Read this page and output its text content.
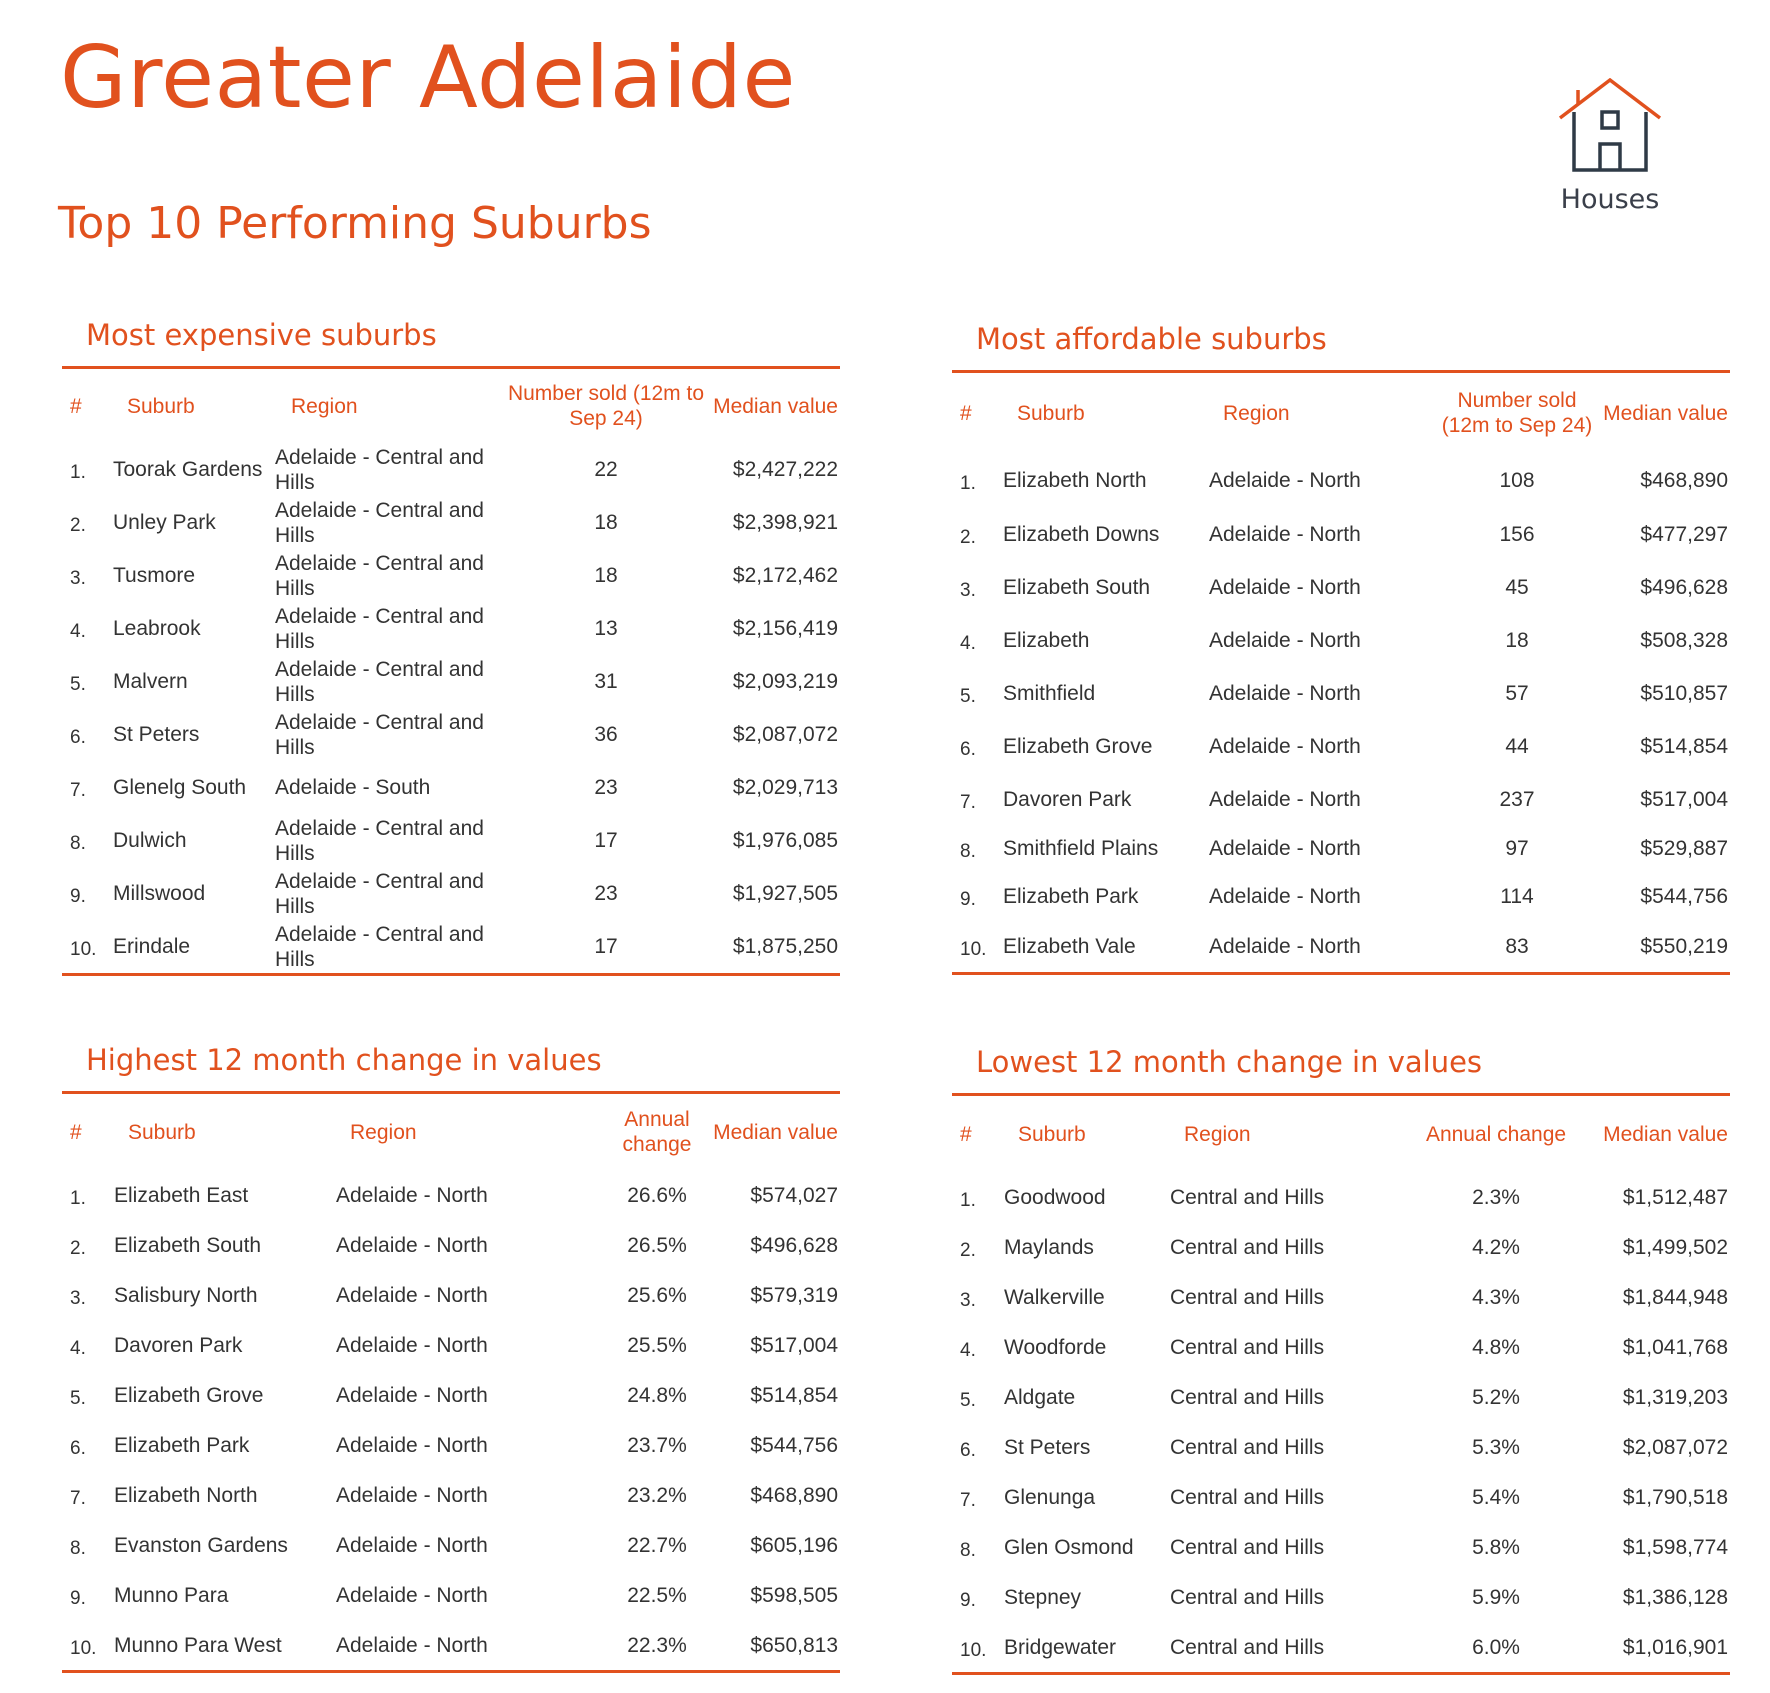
Greater Adelaide
Top 10 Performing Suburbs	Houses
Most expensive suburbs
#	Suburb	Region	Number sold (12m to Sep 24)	Median value
1.	Toorak Gardens	Adelaide - Central and Hills	22	$2,427,222
2.	Unley Park	Adelaide - Central and Hills	18	$2,398,921
3.	Tusmore	Adelaide - Central and Hills	18	$2,172,462
4.	Leabrook	Adelaide - Central and Hills	13	$2,156,419
5.	Malvern	Adelaide - Central and Hills	31	$2,093,219
6.	St Peters	Adelaide - Central and Hills	36	$2,087,072
7.	Glenelg South	Adelaide - South	23	$2,029,713
8.	Dulwich	Adelaide - Central and Hills	17	$1,976,085
9.	Millswood	Adelaide - Central and Hills	23	$1,927,505
10.	Erindale	Adelaide - Central and Hills	17	$1,875,250
Most affordable suburbs
#	Suburb	Region	Number sold (12m to Sep 24)	Median value
1.	Elizabeth North	Adelaide - North	108	$468,890
2.	Elizabeth Downs	Adelaide - North	156	$477,297
3.	Elizabeth South	Adelaide - North	45	$496,628
4.	Elizabeth	Adelaide - North	18	$508,328
5.	Smithfield	Adelaide - North	57	$510,857
6.	Elizabeth Grove	Adelaide - North	44	$514,854
7.	Davoren Park	Adelaide - North	237	$517,004
8.	Smithfield Plains	Adelaide - North	97	$529,887
9.	Elizabeth Park	Adelaide - North	114	$544,756
10.	Elizabeth Vale	Adelaide - North	83	$550,219
Highest 12 month change in values
#	Suburb	Region	Annual change	Median value
1.	Elizabeth East	Adelaide - North	26.6%	$574,027
2.	Elizabeth South	Adelaide - North	26.5%	$496,628
3.	Salisbury North	Adelaide - North	25.6%	$579,319
4.	Davoren Park	Adelaide - North	25.5%	$517,004
5.	Elizabeth Grove	Adelaide - North	24.8%	$514,854
6.	Elizabeth Park	Adelaide - North	23.7%	$544,756
7.	Elizabeth North	Adelaide - North	23.2%	$468,890
8.	Evanston Gardens	Adelaide - North	22.7%	$605,196
9.	Munno Para	Adelaide - North	22.5%	$598,505
10.	Munno Para West	Adelaide - North	22.3%	$650,813
Lowest 12 month change in values
#	Suburb	Region	Annual change	Median value
1.	Goodwood	Central and Hills	2.3%	$1,512,487
2.	Maylands	Central and Hills	4.2%	$1,499,502
3.	Walkerville	Central and Hills	4.3%	$1,844,948
4.	Woodforde	Central and Hills	4.8%	$1,041,768
5.	Aldgate	Central and Hills	5.2%	$1,319,203
6.	St Peters	Central and Hills	5.3%	$2,087,072
7.	Glenunga	Central and Hills	5.4%	$1,790,518
8.	Glen Osmond	Central and Hills	5.8%	$1,598,774
9.	Stepney	Central and Hills	5.9%	$1,386,128
10.	Bridgewater	Central and Hills	6.0%	$1,016,901
